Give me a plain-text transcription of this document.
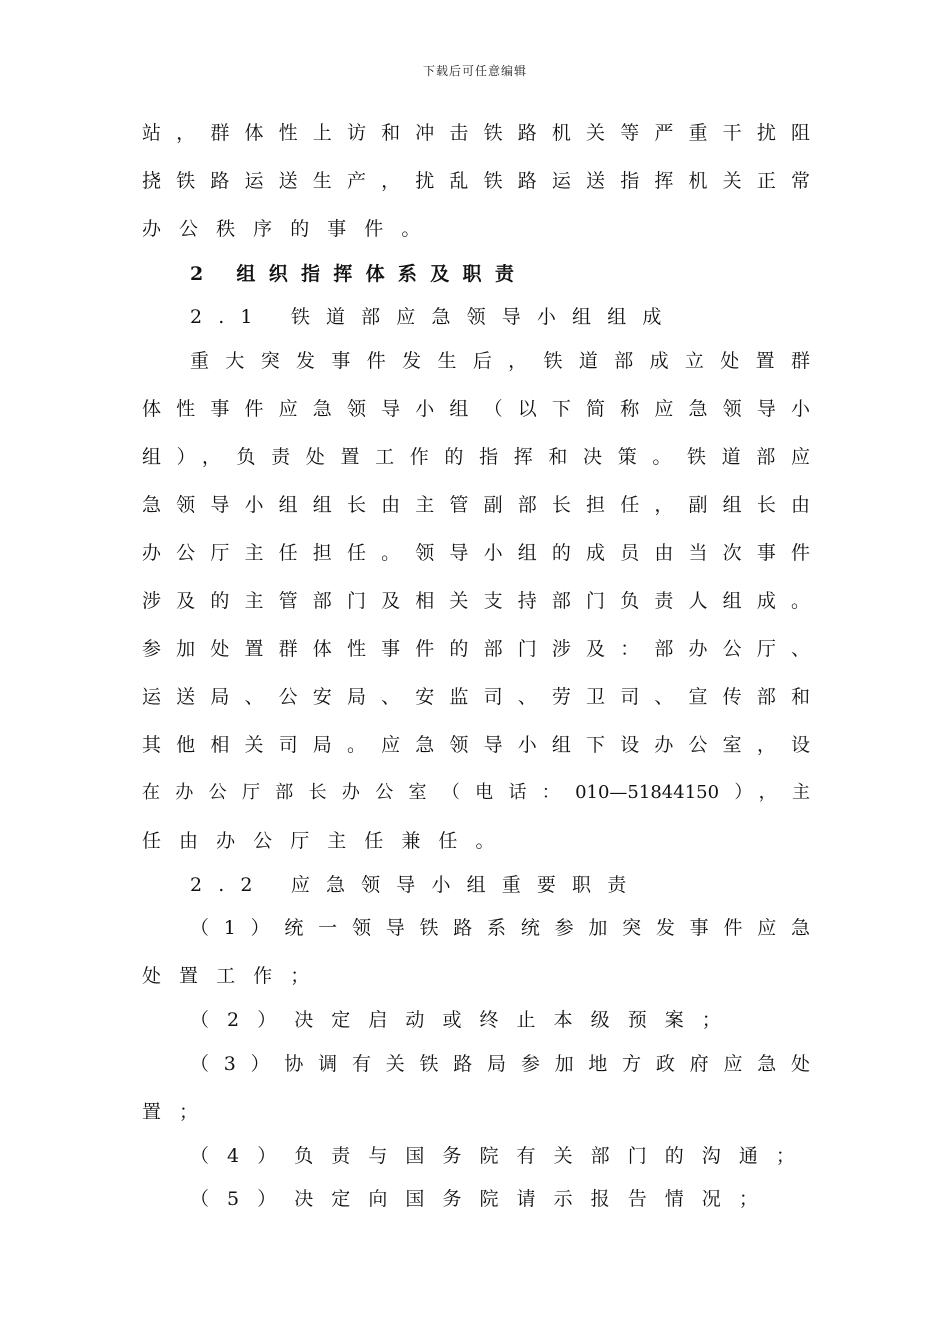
下载后可任意编辑
站，群体性上访和冲击铁路机关等严重干扰阻
挠铁路运送生产，扰乱铁路运送指挥机关正常
办公秩序的事件。
2 组织指挥体系及职责
2.1 铁道部应急领导小组组成
重大突发事件发生后，铁道部成立处置群
体性事件应急领导小组（以下简称应急领导小
组），负责处置工作的指挥和决策。铁道部应
急领导小组组长由主管副部长担任，副组长由
办公厅主任担任。领导小组的成员由当次事件
涉及的主管部门及相关支持部门负责人组成。
参加处置群体性事件的部门涉及：部办公厅、
运送局、公安局、安监司、劳卫司、宣传部和
其他相关司局。应急领导小组下设办公室，设
在办公厅部长办公室（电话：010—51844150），主
任由办公厅主任兼任。
2.2 应急领导小组重要职责
（1）统一领导铁路系统参加突发事件应急
处置工作；
（2）决定启动或终止本级预案；
（3）协调有关铁路局参加地方政府应急处
置；
（4）负责与国务院有关部门的沟通；
（5）决定向国务院请示报告情况；
